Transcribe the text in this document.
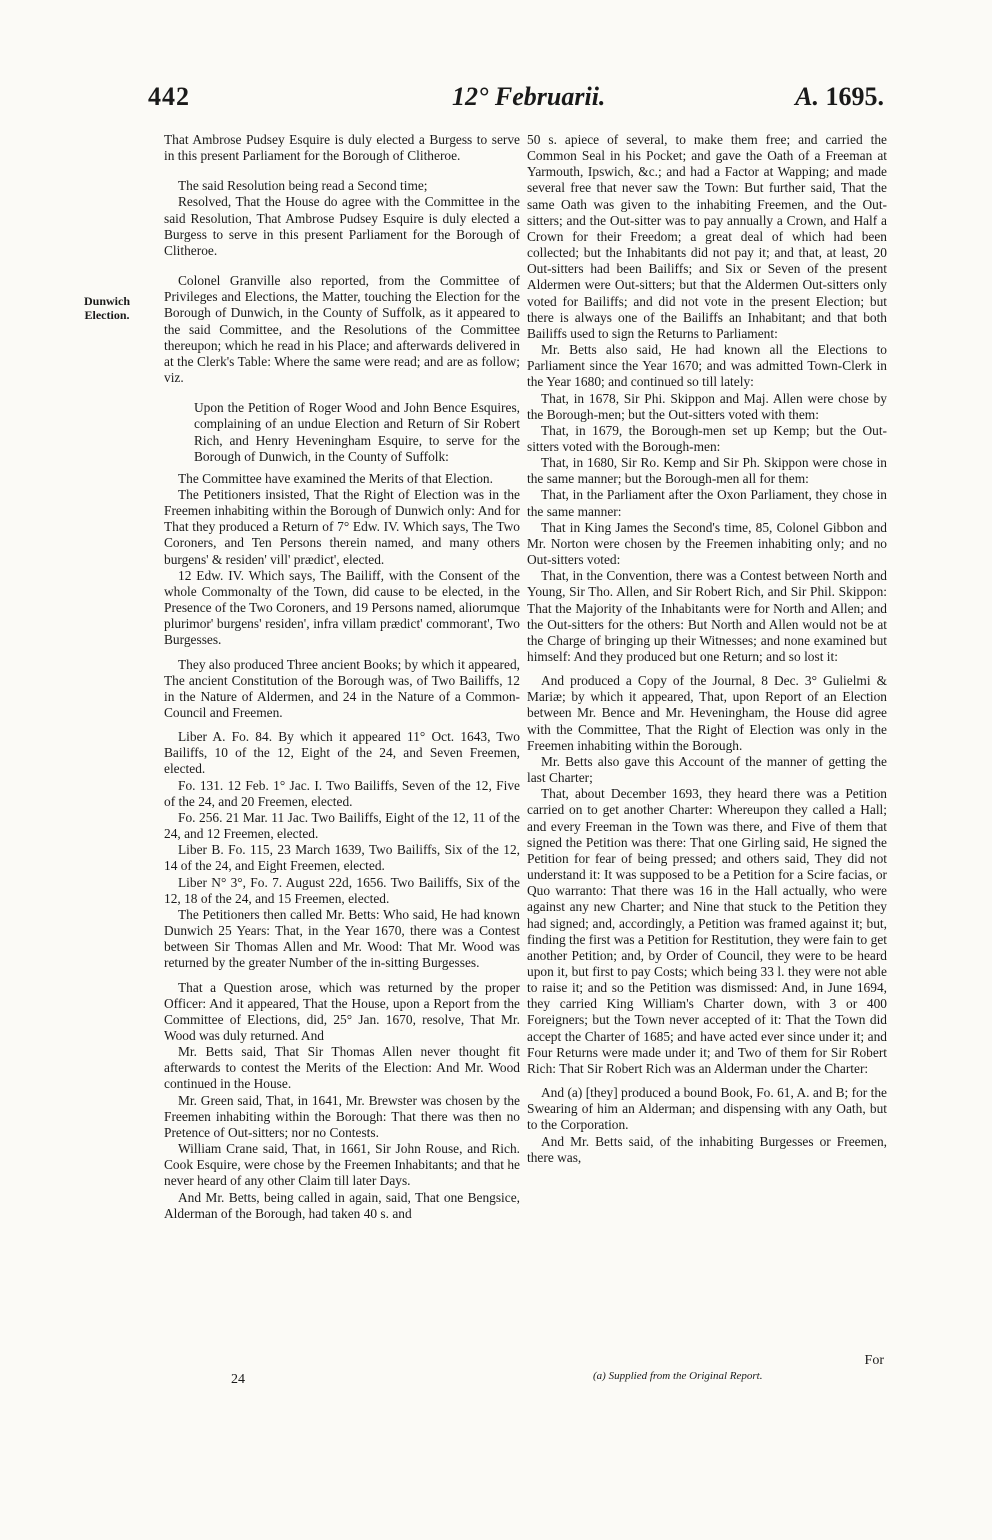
442	12° Februarii.	A. 1695.
Dunwich Election.

That Ambrose Pudsey Esquire is duly elected a Burgess to serve in this present Parliament for the Borough of Clitheroe.

The said Resolution being read a Second time;

Resolved, That the House do agree with the Committee in the said Resolution, That Ambrose Pudsey Esquire is duly elected a Burgess to serve in this present Parliament for the Borough of Clitheroe.

Colonel Granville also reported, from the Committee of Privileges and Elections, the Matter, touching the Election for the Borough of Dunwich, in the County of Suffolk, as it appeared to the said Committee, and the Resolutions of the Committee thereupon; which he read in his Place; and afterwards delivered in at the Clerk's Table: Where the same were read; and are as follow; viz.

Upon the Petition of Roger Wood and John Bence Esquires, complaining of an undue Election and Return of Sir Robert Rich, and Henry Heveningham Esquire, to serve for the Borough of Dunwich, in the County of Suffolk:

The Committee have examined the Merits of that Election.

The Petitioners insisted, That the Right of Election was in the Freemen inhabiting within the Borough of Dunwich only: And for That they produced a Return of 7° Edw. IV. Which says, The Two Coroners, and Ten Persons therein named, and many others burgens' & residen' vill' prædict', elected.

12 Edw. IV. Which says, The Bailiff, with the Consent of the whole Commonalty of the Town, did cause to be elected, in the Presence of the Two Coroners, and 19 Persons named, aliorumque plurimor' burgens' residen', infra villam prædict' commorant', Two Burgesses.

They also produced Three ancient Books; by which it appeared, The ancient Constitution of the Borough was, of Two Bailiffs, 12 in the Nature of Aldermen, and 24 in the Nature of a Common-Council and Freemen.

Liber A. Fo. 84. By which it appeared 11° Oct. 1643, Two Bailiffs, 10 of the 12, Eight of the 24, and Seven Freemen, elected.

Fo. 131. 12 Feb. 1° Jac. I. Two Bailiffs, Seven of the 12, Five of the 24, and 20 Freemen, elected.

Fo. 256. 21 Mar. 11 Jac. Two Bailiffs, Eight of the 12, 11 of the 24, and 12 Freemen, elected.

Liber B. Fo. 115, 23 March 1639, Two Bailiffs, Six of the 12, 14 of the 24, and Eight Freemen, elected.

Liber N° 3°, Fo. 7. August 22d, 1656. Two Bailiffs, Six of the 12, 18 of the 24, and 15 Freemen, elected.

The Petitioners then called Mr. Betts: Who said, He had known Dunwich 25 Years: That, in the Year 1670, there was a Contest between Sir Thomas Allen and Mr. Wood: That Mr. Wood was returned by the greater Number of the in-sitting Burgesses.

That a Question arose, which was returned by the proper Officer: And it appeared, That the House, upon a Report from the Committee of Elections, did, 25° Jan. 1670, resolve, That Mr. Wood was duly returned. And

Mr. Betts said, That Sir Thomas Allen never thought fit afterwards to contest the Merits of the Election: And Mr. Wood continued in the House.

Mr. Green said, That, in 1641, Mr. Brewster was chosen by the Freemen inhabiting within the Borough: That there was then no Pretence of Out-sitters; nor no Contests.

William Crane said, That, in 1661, Sir John Rouse, and Rich. Cook Esquire, were chose by the Freemen Inhabitants; and that he never heard of any other Claim till later Days.

And Mr. Betts, being called in again, said, That one Bengsice, Alderman of the Borough, had taken 40 s. and

50 s. apiece of several, to make them free; and carried the Common Seal in his Pocket; and gave the Oath of a Freeman at Yarmouth, Ipswich, &c.; and had a Factor at Wapping; and made several free that never saw the Town: But further said, That the same Oath was given to the inhabiting Freemen, and the Out-sitters; and the Out-sitter was to pay annually a Crown, and Half a Crown for their Freedom; a great deal of which had been collected; but the Inhabitants did not pay it; and that, at least, 20 Out-sitters had been Bailiffs; and Six or Seven of the present Aldermen were Out-sitters; but that the Aldermen Out-sitters only voted for Bailiffs; and did not vote in the present Election; but there is always one of the Bailiffs an Inhabitant; and that both Bailiffs used to sign the Returns to Parliament:

Mr. Betts also said, He had known all the Elections to Parliament since the Year 1670; and was admitted Town-Clerk in the Year 1680; and continued so till lately:

That, in 1678, Sir Phi. Skippon and Maj. Allen were chose by the Borough-men; but the Out-sitters voted with them:

That, in 1679, the Borough-men set up Kemp; but the Out-sitters voted with the Borough-men:

That, in 1680, Sir Ro. Kemp and Sir Ph. Skippon were chose in the same manner; but the Borough-men all for them:

That, in the Parliament after the Oxon Parliament, they chose in the same manner:

That in King James the Second's time, 85, Colonel Gibbon and Mr. Norton were chosen by the Freemen inhabiting only; and no Out-sitters voted:

That, in the Convention, there was a Contest between North and Young, Sir Tho. Allen, and Sir Robert Rich, and Sir Phil. Skippon: That the Majority of the Inhabitants were for North and Allen; and the Out-sitters for the others: But North and Allen would not be at the Charge of bringing up their Witnesses; and none examined but himself: And they produced but one Return; and so lost it:

And produced a Copy of the Journal, 8 Dec. 3° Gulielmi & Mariæ; by which it appeared, That, upon Report of an Election between Mr. Bence and Mr. Heveningham, the House did agree with the Committee, That the Right of Election was only in the Freemen inhabiting within the Borough.

Mr. Betts also gave this Account of the manner of getting the last Charter;

That, about December 1693, they heard there was a Petition carried on to get another Charter: Whereupon they called a Hall; and every Freeman in the Town was there, and Five of them that signed the Petition was there: That one Girling said, He signed the Petition for fear of being pressed; and others said, They did not understand it: It was supposed to be a Petition for a Scire facias, or Quo warranto: That there was 16 in the Hall actually, who were against any new Charter; and Nine that stuck to the Petition they had signed; and, accordingly, a Petition was framed against it; but, finding the first was a Petition for Restitution, they were fain to get another Petition; and, by Order of Council, they were to be heard upon it, but first to pay Costs; which being 33 l. they were not able to raise it; and so the Petition was dismissed: And, in June 1694, they carried King William's Charter down, with 3 or 400 Foreigners; but the Town never accepted of it: That the Town did accept the Charter of 1685; and have acted ever since under it; and Four Returns were made under it; and Two of them for Sir Robert Rich: That Sir Robert Rich was an Alderman under the Charter:

And (a) [they] produced a bound Book, Fo. 61, A. and B; for the Swearing of him an Alderman; and dispensing with any Oath, but to the Corporation.

And Mr. Betts said, of the inhabiting Burgesses or Freemen, there was,

For
24	(a) Supplied from the Original Report.
